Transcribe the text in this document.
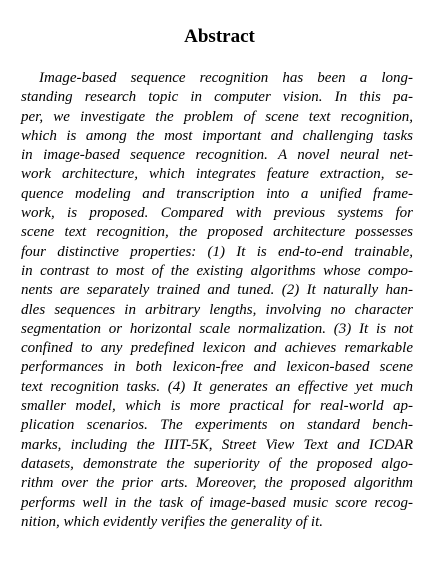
Abstract
Image-based sequence recognition has been a long-
standing research topic in computer vision. In this pa-
per, we investigate the problem of scene text recognition,
which is among the most important and challenging tasks
in image-based sequence recognition. A novel neural net-
work architecture, which integrates feature extraction, se-
quence modeling and transcription into a unified frame-
work, is proposed. Compared with previous systems for
scene text recognition, the proposed architecture possesses
four distinctive properties: (1) It is end-to-end trainable,
in contrast to most of the existing algorithms whose compo-
nents are separately trained and tuned. (2) It naturally han-
dles sequences in arbitrary lengths, involving no character
segmentation or horizontal scale normalization. (3) It is not
confined to any predefined lexicon and achieves remarkable
performances in both lexicon-free and lexicon-based scene
text recognition tasks. (4) It generates an effective yet much
smaller model, which is more practical for real-world ap-
plication scenarios. The experiments on standard bench-
marks, including the IIIT-5K, Street View Text and ICDAR
datasets, demonstrate the superiority of the proposed algo-
rithm over the prior arts. Moreover, the proposed algorithm
performs well in the task of image-based music score recog-
nition, which evidently verifies the generality of it.
